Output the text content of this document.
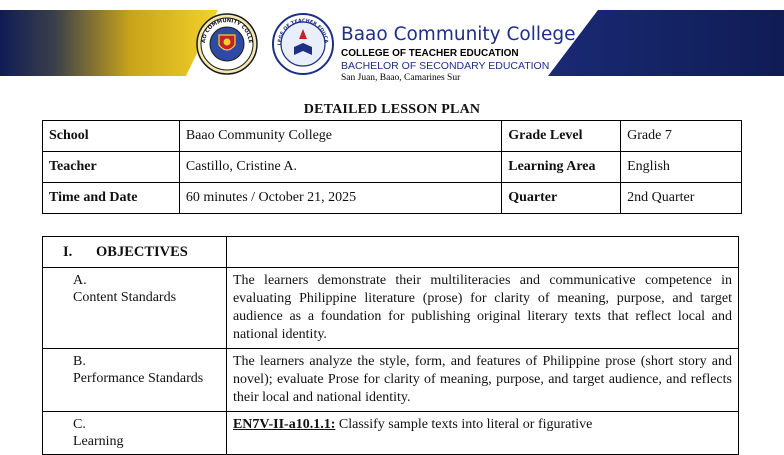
AO COMMUNITY COLLE
LEGE OF TEACHER EDUCA Baao Community College
COLLEGE OF TEACHER EDUCATION
BACHELOR OF SECONDARY EDUCATION
San Juan, Baao, Camarines Sur
DETAILED LESSON PLAN
School	Baao Community College	Grade Level	Grade 7
Teacher	Castillo, Cristine A.	Learning Area	English
Time and Date	60 minutes / October 21, 2025	Quarter	2nd Quarter
I. OBJECTIVES	
A.Content Standards	The learners demonstrate their multiliteracies and communicative competence in evaluating Philippine literature (prose) for clarity of meaning, purpose, and target audience as a foundation for publishing original literary texts that reflect local and national identity.
B.Performance Standards	The learners analyze the style, form, and features of Philippine prose (short story and novel); evaluate Prose for clarity of meaning, purpose, and target audience, and reflects their local and national identity.
C.Learning	EN7V-II-a10.1.1: Classify sample texts into literal or figurative
